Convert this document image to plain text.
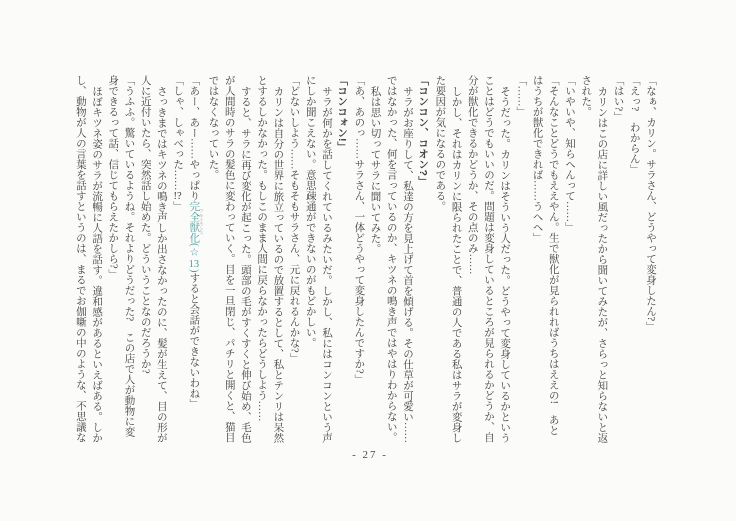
「なぁ、カリン。サラさん、どうやって変身したん?」

「えっ?　わからん」

「はい?」

カリンはこの店に詳しい風だったから聞いてみたが、さらっと知らないと返された。

「いやいや、知らへんって……」

「そんなことどうでもええやん。生で獣化が見られればうちはええの!　あとはうちが獣化できれば……うへへ」

「……」

そうだった。カリンはそういう人だった。どうやって変身しているかということはどうでもいいのだ。問題は変身しているところが見られるかどうか、自分が獣化できるかどうか、その点のみ……

しかし、それはカリンに限られたことで、普通の人である私はサラが変身した要因が気になるのである。

「コンコン、コオン?」

サラがお座りして、私達の方を見上げて首を傾げる。その仕草が可愛い……ではなかった、何を言っているのか、キツネの鳴き声ではやはりわからない。

私は思い切ってサラに聞いてみた。

「あ、あのっ……サラさん、一体どうやって変身したんですか?」

「コンコォン!」

サラが何かを話してくれているみたいだ。しかし、私にはコンコンという声にしか聞こえない。意思疎通ができないのがもどかしい。

「どないしよう……そもそもサラさん、元に戻れるんかな?」

カリンは自分の世界に旅立っているので放置するとして、私とテンリは呆然とするしかなかった。もしこのまま人間に戻らなかったらどうしよう……

すると、サラに再び変化が起こった。頭部の毛がすくすくと伸び始め、毛色が人間時のサラの髪色に変わっていく。目を一旦閉じ、パチリと開くと、猫目ではなくなっていた。

「あー、あー……やっぱり完全獣化 フルトランス(☆13)すると会話ができないわね」

「しゃ、しゃべった……!?」

さっきまではキツネの鳴き声しか出さなかったのに、髪が生えて、目の形が人に近付いたら、突然話し始めた。どういうことなのだろうか?

「うふふ。驚いているようね。それよりどうだった?　この店で人が動物に変身できるって話、信じてもらえたかしら?」

ほぼキツネ姿のサラが流暢に人語を話す。違和感があるといえばある。しかし、動物が人の言葉を話すというのは、まるでお伽噺の中のような、不思議な

- 27 -
